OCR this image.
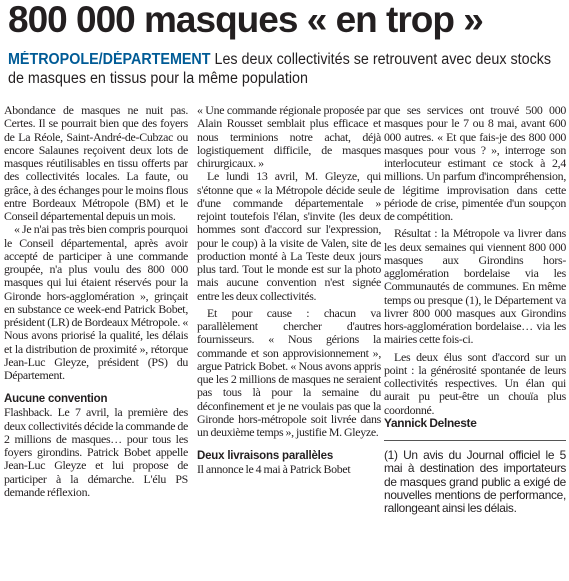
800 000 masques « en trop »

MÉTROPOLE/DÉPARTEMENT Les deux collectivités se retrouvent avec deux stocks de masques en tissus pour la même population

Abondance de masques ne nuit pas. Certes. Il se pourrait bien que des foyers de La Réole, Saint-André-de-Cubzac ou encore Salaunes reçoivent deux lots de masques réutilisables en tissu offerts par des collectivités locales. La faute, ou grâce, à des échanges pour le moins flous entre Bordeaux Métropole (BM) et le Conseil départemental depuis un mois.

« Je n'ai pas très bien compris pourquoi le Conseil départemental, après avoir accepté de participer à une commande groupée, n'a plus voulu des 800 000 masques qui lui étaient réservés pour la Gironde hors-agglomération », grinçait en substance ce week-end Patrick Bobet, président (LR) de Bordeaux Métropole. « Nous avons priorisé la qualité, les délais et la distribution de proximité », rétorque Jean-Luc Gleyze, président (PS) du Département.

Aucune convention

Flashback. Le 7 avril, la première des deux collectivités décide la commande de 2 millions de masques… pour tous les foyers girondins. Patrick Bobet appelle Jean-Luc Gleyze et lui propose de participer à la démarche. L'élu PS demande réflexion.

« Une commande régionale proposée par Alain Rousset semblait plus efficace et nous terminions notre achat, déjà logistiquement difficile, de masques chirurgicaux. »

Le lundi 13 avril, M. Gleyze, qui s'étonne que « la Métropole décide seule d'une commande départementale » rejoint toutefois l'élan, s'invite (les deux hommes sont d'accord sur l'expression, pour le coup) à la visite de Valen, site de production monté à La Teste deux jours plus tard. Tout le monde est sur la photo mais aucune convention n'est signée entre les deux collectivités.

Et pour cause : chacun va parallèlement chercher d'autres fournisseurs. « Nous gérions la commande et son approvisionnement », argue Patrick Bobet. « Nous avons appris que les 2 millions de masques ne seraient pas tous là pour la semaine du déconfinement et je ne voulais pas que la Gironde hors-métropole soit livrée dans un deuxième temps », justifie M. Gleyze.

Deux livraisons parallèles

Il annonce le 4 mai à Patrick Bobet

que ses services ont trouvé 500 000 masques pour le 7 ou 8 mai, avant 600 000 autres. « Et que fais-je des 800 000 masques pour vous ? », interroge son interlocuteur estimant ce stock à 2,4 millions. Un parfum d'incompréhension, de légitime improvisation dans cette période de crise, pimentée d'un soupçon de compétition.

Résultat : la Métropole va livrer dans les deux semaines qui viennent 800 000 masques aux Girondins hors-agglomération bordelaise via les Communautés de communes. En même temps ou presque (1), le Département va livrer 800 000 masques aux Girondins hors-agglomération bordelaise… via les mairies cette fois-ci.

Les deux élus sont d'accord sur un point : la générosité spontanée de leurs collectivités respectives. Un élan qui aurait pu peut-être un chouïa plus coordonné.

Yannick Delneste

(1) Un avis du Journal officiel le 5 mai à destination des importateurs de masques grand public a exigé de nouvelles mentions de performance, rallongeant ainsi les délais.
